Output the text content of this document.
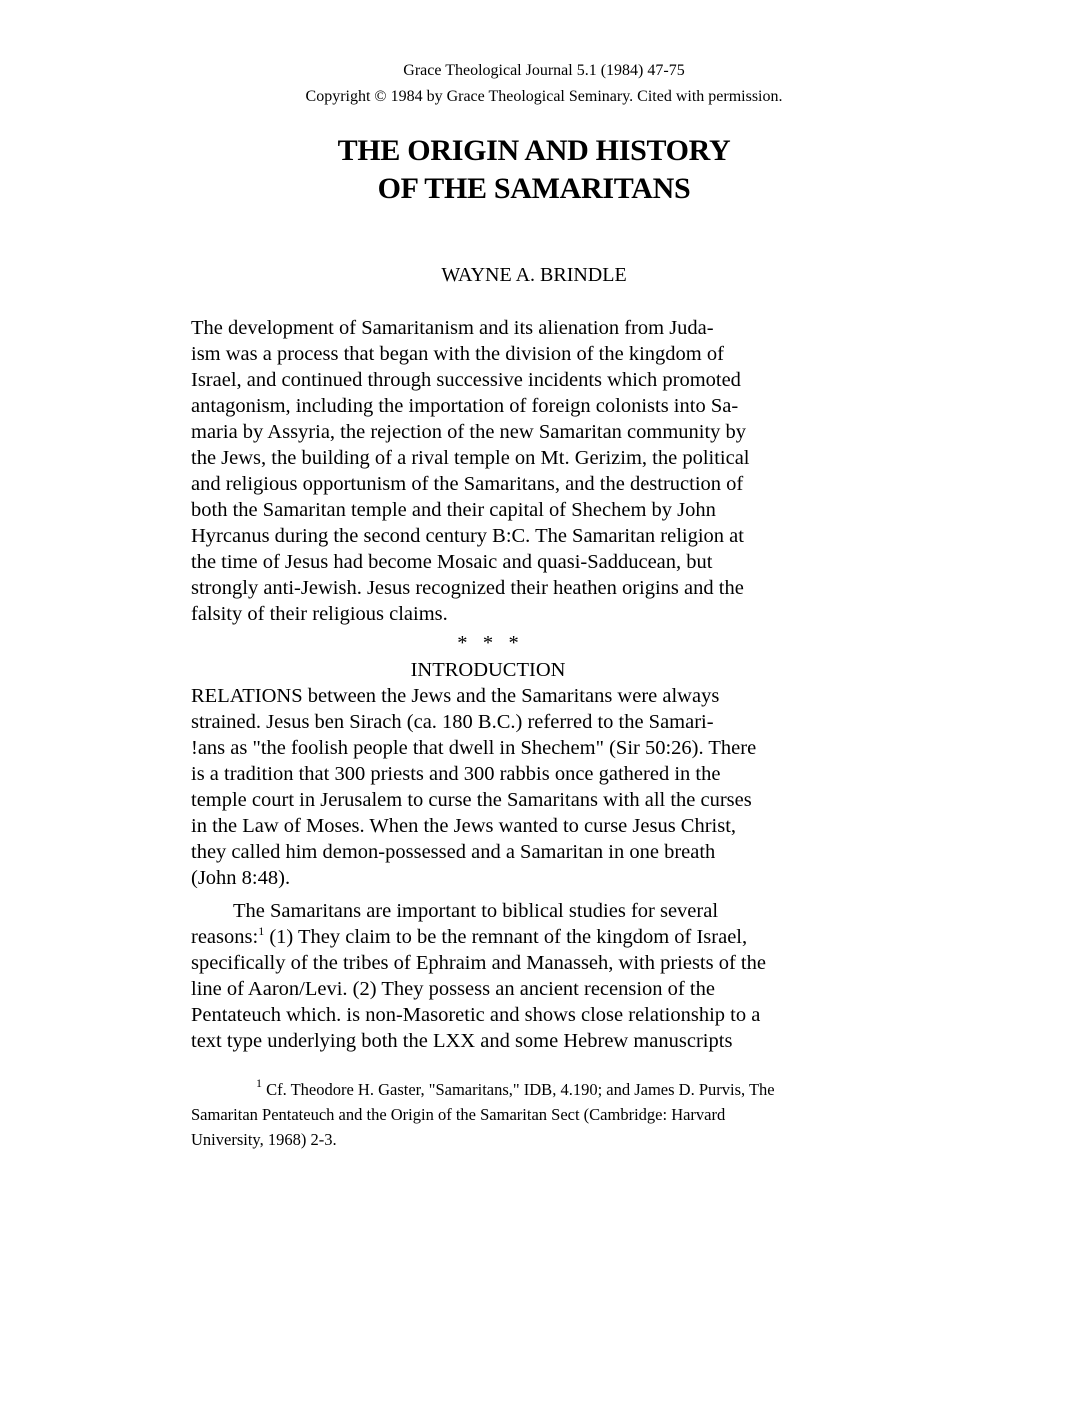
Grace Theological Journal 5.1 (1984) 47-75
Copyright © 1984 by Grace Theological Seminary. Cited with permission.
THE ORIGIN AND HISTORY
OF THE SAMARITANS
WAYNE A. BRINDLE
The development of Samaritanism and its alienation from Juda-
ism was a process that began with the division of the kingdom of
Israel, and continued through successive incidents which promoted
antagonism, including the importation of foreign colonists into Sa-
maria by Assyria, the rejection of the new Samaritan community by
the Jews, the building of a rival temple on Mt. Gerizim, the political
and religious opportunism of the Samaritans, and the destruction of
both the Samaritan temple and their capital of Shechem by John
Hyrcanus during the second century B:C. The Samaritan religion at
the time of Jesus had become Mosaic and quasi-Sadducean, but
strongly anti-Jewish. Jesus recognized their heathen origins and the
falsity of their religious claims.
*   *   *
INTRODUCTION
RELATIONS between the Jews and the Samaritans were always
strained. Jesus ben Sirach (ca. 180 B.C.) referred to the Samari-
!ans as "the foolish people that dwell in Shechem" (Sir 50:26). There
is a tradition that 300 priests and 300 rabbis once gathered in the
temple court in Jerusalem to curse the Samaritans with all the curses
in the Law of Moses. When the Jews wanted to curse Jesus Christ,
they called him demon-possessed and a Samaritan in one breath
(John 8:48).
The Samaritans are important to biblical studies for several
reasons:$^1$ (1) They claim to be the remnant of the kingdom of Israel,
specifically of the tribes of Ephraim and Manasseh, with priests of the
line of Aaron/Levi. (2) They possess an ancient recension of the
Pentateuch which. is non-Masoretic and shows close relationship to a
text type underlying both the LXX and some Hebrew manuscripts
$^1$ Cf. Theodore H. Gaster, "Samaritans," IDB, 4.190; and James D. Purvis, The
Samaritan Pentateuch and the Origin of the Samaritan Sect (Cambridge: Harvard
University, 1968) 2-3.
